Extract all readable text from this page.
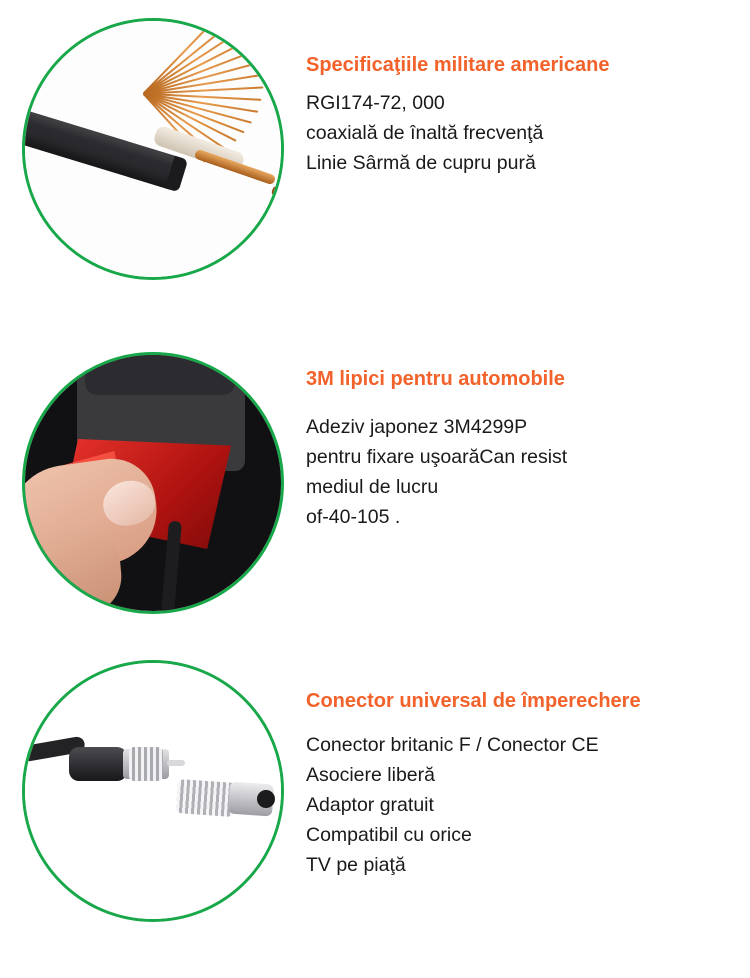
Specificaţiile militare americane
RGI174-72, 000
coaxială de înaltă frecvenţă
Linie Sârmă de cupru pură
3M lipici pentru automobile
Adeziv japonez 3M4299P
pentru fixare uşoarăCan resist
mediul de lucru
of-40-105 .
Conector universal de împerechere
Conector britanic F / Conector CE
Asociere liberă
Adaptor gratuit
Compatibil cu orice
TV pe piaţă
